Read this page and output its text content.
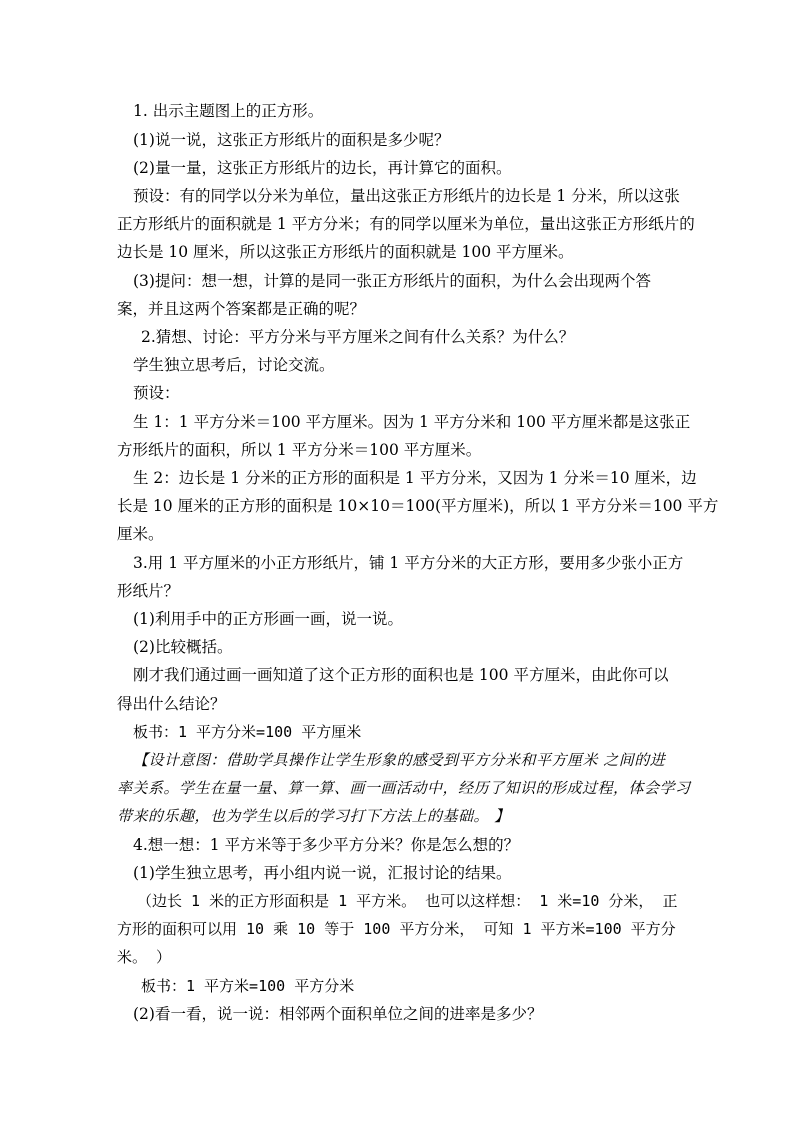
1. 出示主题图上的正方形。
(1)说一说，这张正方形纸片的面积是多少呢？
(2)量一量，这张正方形纸片的边长，再计算它的面积。
预设：有的同学以分米为单位，量出这张正方形纸片的边长是 1 分米，所以这张
正方形纸片的面积就是 1 平方分米；有的同学以厘米为单位，量出这张正方形纸片的
边长是 10 厘米，所以这张正方形纸片的面积就是 100 平方厘米。
(3)提问：想一想，计算的是同一张正方形纸片的面积，为什么会出现两个答
案，并且这两个答案都是正确的呢？
2.猜想、讨论：平方分米与平方厘米之间有什么关系？为什么？
学生独立思考后，讨论交流。
预设：
生 1：1 平方分米＝100 平方厘米。因为 1 平方分米和 100 平方厘米都是这张正
方形纸片的面积，所以 1 平方分米＝100 平方厘米。
生 2：边长是 1 分米的正方形的面积是 1 平方分米，又因为 1 分米＝10 厘米，边
长是 10 厘米的正方形的面积是 10×10＝100(平方厘米)，所以 1 平方分米＝100 平方
厘米。
3.用 1 平方厘米的小正方形纸片，铺 1 平方分米的大正方形，要用多少张小正方
形纸片？
(1)利用手中的正方形画一画，说一说。
(2)比较概括。
刚才我们通过画一画知道了这个正方形的面积也是 100 平方厘米，由此你可以
得出什么结论？
板书：1 平方分米=100 平方厘米
【设计意图：借助学具操作让学生形象的感受到平方分米和平方厘米 之间的进
率关系。学生在量一量、算一算、画一画活动中，经历了知识的形成过程，体会学习
带来的乐趣，也为学生以后的学习打下方法上的基础。 】
4.想一想：1 平方米等于多少平方分米？你是怎么想的？
(1)学生独立思考，再小组内说一说，汇报讨论的结果。
（边长 1 米的正方形面积是 1 平方米。 也可以这样想： 1 米=10 分米， 正
方形的面积可以用 10 乘 10 等于 100 平方分米， 可知 1 平方米=100 平方分
米。 ）
板书：1 平方米=100 平方分米
(2)看一看，说一说：相邻两个面积单位之间的进率是多少？
